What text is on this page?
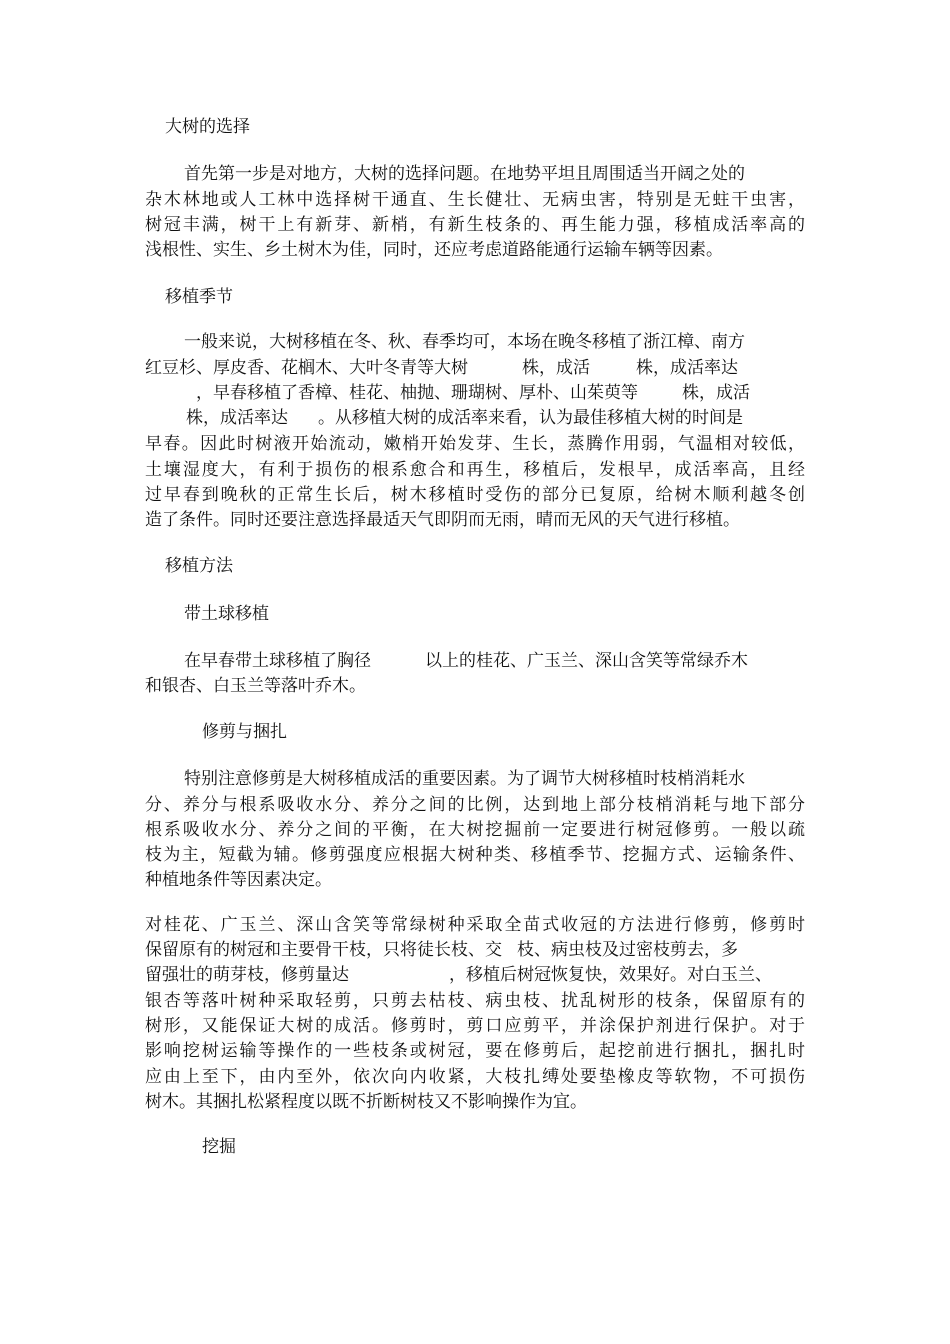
大树的选择

首先第一步是对地方，大树的选择问题。在地势平坦且周围适当开阔之处的

杂木林地或人工林中选择树干通直、生长健壮、无病虫害，特别是无蛀干虫害，

树冠丰满，树干上有新芽、新梢，有新生枝条的、再生能力强，移植成活率高的

浅根性、实生、乡土树木为佳，同时，还应考虑道路能通行运输车辆等因素。

移植季节

一般来说，大树移植在冬、秋、春季均可，本场在晚冬移植了浙江樟、南方

红豆杉、厚皮香、花榈木、大叶冬青等大树	株，成活	株，成活率达

，早春移植了香樟、桂花、柚抛、珊瑚树、厚朴、山茱萸等	株，成活

株，成活率达 。从移植大树的成活率来看，认为最佳移植大树的时间是

早春。因此时树液开始流动，嫩梢开始发芽、生长，蒸腾作用弱，气温相对较低，

土壤湿度大，有利于损伤的根系愈合和再生，移植后，发根早，成活率高，且经

过早春到晚秋的正常生长后，树木移植时受伤的部分已复原，给树木顺利越冬创

造了条件。同时还要注意选择最适天气即阴而无雨，晴而无风的天气进行移植。

移植方法
带土球移植

在早春带土球移植了胸径	以上的桂花、广玉兰、深山含笑等常绿乔木

和银杏、白玉兰等落叶乔木。

修剪与捆扎

特别注意修剪是大树移植成活的重要因素。为了调节大树移植时枝梢消耗水

分、养分与根系吸收水分、养分之间的比例，达到地上部分枝梢消耗与地下部分

根系吸收水分、养分之间的平衡，在大树挖掘前一定要进行树冠修剪。一般以疏

枝为主，短截为辅。修剪强度应根据大树种类、移植季节、挖掘方式、运输条件、

种植地条件等因素决定。

对桂花、广玉兰、深山含笑等常绿树种采取全苗式收冠的方法进行修剪，修剪时

保留原有的树冠和主要骨干枝，只将徒长枝、交 枝、病虫枝及过密枝剪去，多

留强壮的萌芽枝，修剪量达	，移植后树冠恢复快，效果好。对白玉兰、

银杏等落叶树种采取轻剪，只剪去枯枝、病虫枝、扰乱树形的枝条，保留原有的

树形，又能保证大树的成活。修剪时，剪口应剪平，并涂保护剂进行保护。对于

影响挖树运输等操作的一些枝条或树冠，要在修剪后，起挖前进行捆扎，捆扎时

应由上至下，由内至外，依次向内收紧，大枝扎缚处要垫橡皮等软物，不可损伤

树木。其捆扎松紧程度以既不折断树枝又不影响操作为宜。

挖掘
